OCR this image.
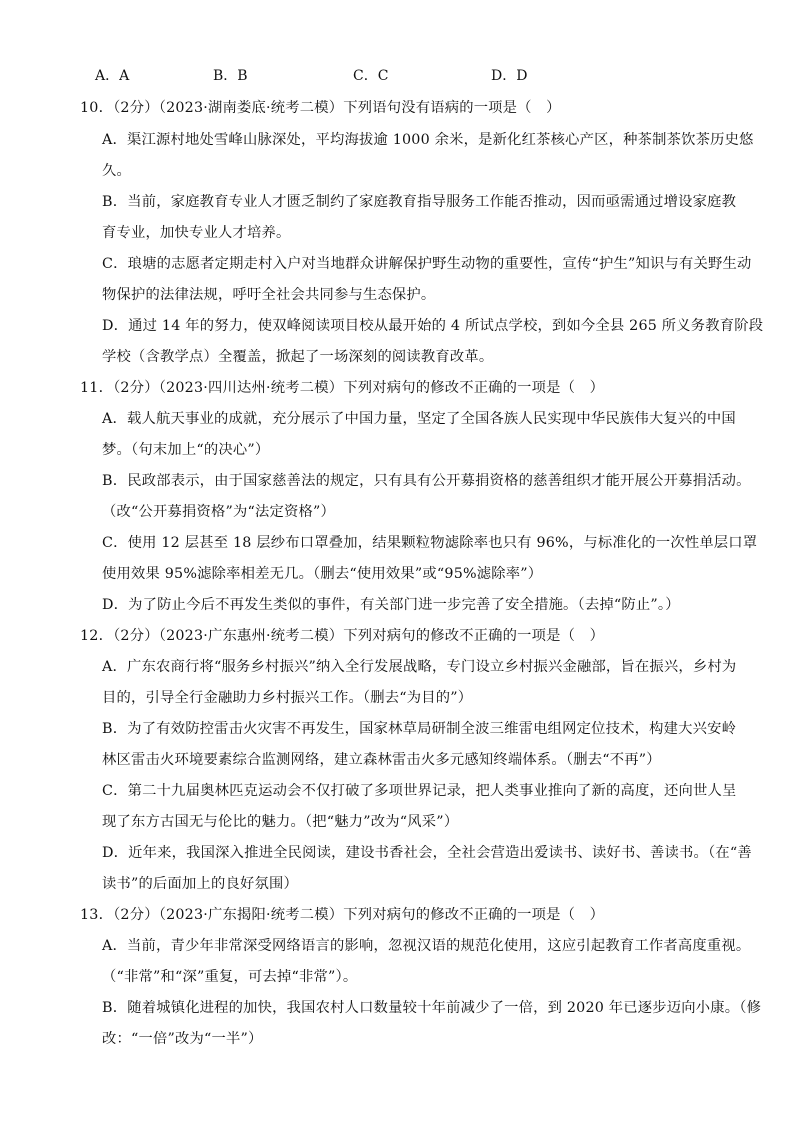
A．A	B．B	C．C	D．D
10．（2分）（2023·湖南娄底·统考二模）下列语句没有语病的一项是（　）
A．渠江源村地处雪峰山脉深处，平均海拔逾 1000 余米，是新化红茶核心产区，种茶制茶饮茶历史悠
久。
B．当前，家庭教育专业人才匮乏制约了家庭教育指导服务工作能否推动，因而亟需通过增设家庭教
育专业，加快专业人才培养。
C．琅塘的志愿者定期走村入户对当地群众讲解保护野生动物的重要性，宣传“护生”知识与有关野生动
物保护的法律法规，呼吁全社会共同参与生态保护。
D．通过 14 年的努力，使双峰阅读项目校从最开始的 4 所试点学校，到如今全县 265 所义务教育阶段
学校（含教学点）全覆盖，掀起了一场深刻的阅读教育改革。
11．（2分）（2023·四川达州·统考二模）下列对病句的修改不正确的一项是（　）
A．载人航天事业的成就，充分展示了中国力量，坚定了全国各族人民实现中华民族伟大复兴的中国
梦。（句末加上“的决心”）
B．民政部表示，由于国家慈善法的规定，只有具有公开募捐资格的慈善组织才能开展公开募捐活动。
（改“公开募捐资格”为“法定资格”）
C．使用 12 层甚至 18 层纱布口罩叠加，结果颗粒物滤除率也只有 96%，与标准化的一次性单层口罩
使用效果 95%滤除率相差无几。（删去“使用效果”或“95%滤除率”）
D．为了防止今后不再发生类似的事件，有关部门进一步完善了安全措施。（去掉“防止”。）
12．（2分）（2023·广东惠州·统考二模）下列对病句的修改不正确的一项是（　）
A．广东农商行将“服务乡村振兴”纳入全行发展战略，专门设立乡村振兴金融部，旨在振兴，乡村为
目的，引导全行金融助力乡村振兴工作。（删去“为目的”）
B．为了有效防控雷击火灾害不再发生，国家林草局研制全波三维雷电组网定位技术，构建大兴安岭
林区雷击火环境要素综合监测网络，建立森林雷击火多元感知终端体系。（删去“不再”）
C．第二十九届奥林匹克运动会不仅打破了多项世界记录，把人类事业推向了新的高度，还向世人呈
现了东方古国无与伦比的魅力。（把“魅力”改为“风采”）
D．近年来，我国深入推进全民阅读，建设书香社会，全社会营造出爱读书、读好书、善读书。（在“善
读书”的后面加上的良好氛围）
13．（2分）（2023·广东揭阳·统考二模）下列对病句的修改不正确的一项是（　）
A．当前，青少年非常深受网络语言的影响，忽视汉语的规范化使用，这应引起教育工作者高度重视。
（“非常”和“深”重复，可去掉“非常”）。
B．随着城镇化进程的加快，我国农村人口数量较十年前减少了一倍，到 2020 年已逐步迈向小康。（修
改：“一倍”改为“一半”）
